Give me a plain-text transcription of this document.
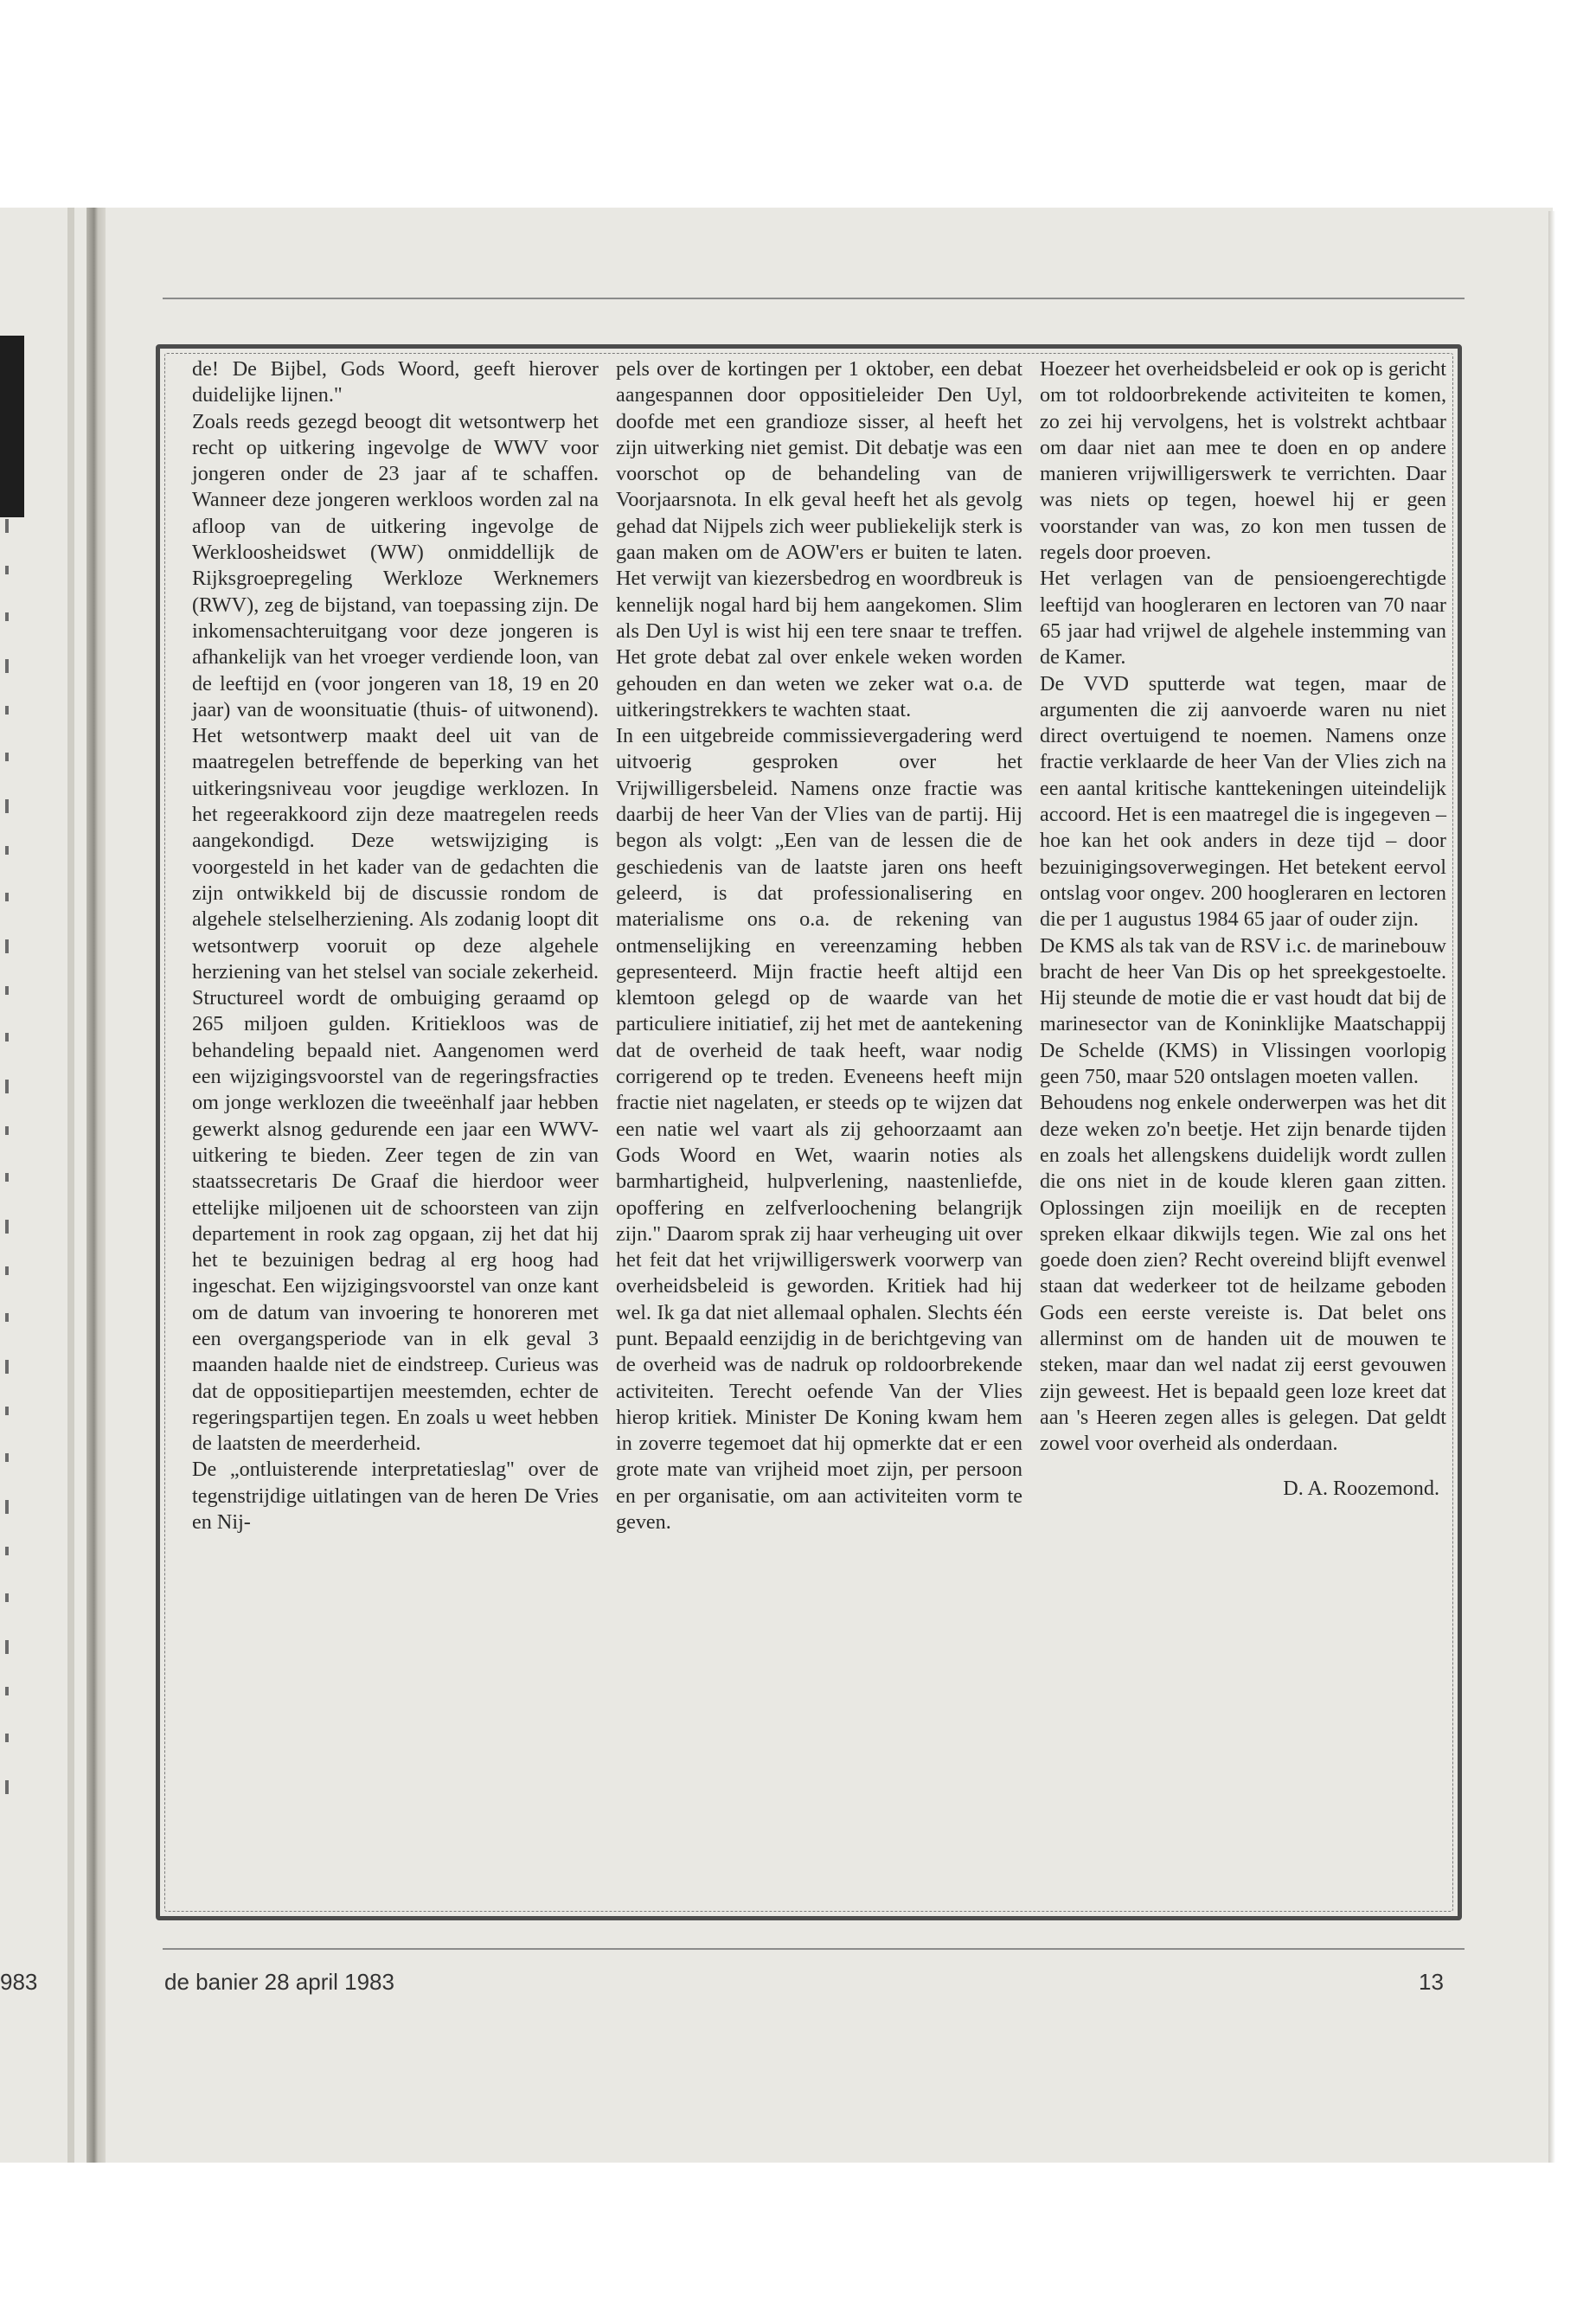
de! De Bijbel, Gods Woord, geeft hierover duidelijke lijnen."

Zoals reeds gezegd beoogt dit wetsontwerp het recht op uitkering ingevolge de WWV voor jongeren onder de 23 jaar af te schaffen. Wanneer deze jongeren werkloos worden zal na afloop van de uitkering ingevolge de Werkloosheidswet (WW) onmiddellijk de Rijksgroepregeling Werkloze Werknemers (RWV), zeg de bijstand, van toepassing zijn. De inkomensachteruitgang voor deze jongeren is afhankelijk van het vroeger verdiende loon, van de leeftijd en (voor jongeren van 18, 19 en 20 jaar) van de woonsituatie (thuis- of uitwonend). Het wetsontwerp maakt deel uit van de maatregelen betreffende de beperking van het uitkeringsniveau voor jeugdige werklozen. In het regeerakkoord zijn deze maatregelen reeds aangekondigd. Deze wetswijziging is voorgesteld in het kader van de gedachten die zijn ontwikkeld bij de discussie rondom de algehele stelselherziening. Als zodanig loopt dit wetsontwerp vooruit op deze algehele herziening van het stelsel van sociale zekerheid. Structureel wordt de ombuiging geraamd op 265 miljoen gulden. Kritiekloos was de behandeling bepaald niet. Aangenomen werd een wijzigingsvoorstel van de regeringsfracties om jonge werklozen die tweeënhalf jaar hebben gewerkt alsnog gedurende een jaar een WWV-uitkering te bieden. Zeer tegen de zin van staatssecretaris De Graaf die hierdoor weer ettelijke miljoenen uit de schoorsteen van zijn departement in rook zag opgaan, zij het dat hij het te bezuinigen bedrag al erg hoog had ingeschat. Een wijzigingsvoorstel van onze kant om de datum van invoering te honoreren met een overgangsperiode van in elk geval 3 maanden haalde niet de eindstreep. Curieus was dat de oppositiepartijen meestemden, echter de regeringspartijen tegen. En zoals u weet hebben de laatsten de meerderheid.

De „ontluisterende interpretatieslag" over de tegenstrijdige uitlatingen van de heren De Vries en Nij-

pels over de kortingen per 1 oktober, een debat aangespannen door oppositieleider Den Uyl, doofde met een grandioze sisser, al heeft het zijn uitwerking niet gemist. Dit debatje was een voorschot op de behandeling van de Voorjaarsnota. In elk geval heeft het als gevolg gehad dat Nijpels zich weer publiekelijk sterk is gaan maken om de AOW'ers er buiten te laten. Het verwijt van kiezersbedrog en woordbreuk is kennelijk nogal hard bij hem aangekomen. Slim als Den Uyl is wist hij een tere snaar te treffen. Het grote debat zal over enkele weken worden gehouden en dan weten we zeker wat o.a. de uitkeringstrekkers te wachten staat.

In een uitgebreide commissievergadering werd uitvoerig gesproken over het Vrijwilligersbeleid. Namens onze fractie was daarbij de heer Van der Vlies van de partij. Hij begon als volgt: „Een van de lessen die de geschiedenis van de laatste jaren ons heeft geleerd, is dat professionalisering en materialisme ons o.a. de rekening van ontmenselijking en vereenzaming hebben gepresenteerd. Mijn fractie heeft altijd een klemtoon gelegd op de waarde van het particuliere initiatief, zij het met de aantekening dat de overheid de taak heeft, waar nodig corrigerend op te treden. Eveneens heeft mijn fractie niet nagelaten, er steeds op te wijzen dat een natie wel vaart als zij gehoorzaamt aan Gods Woord en Wet, waarin noties als barmhartigheid, hulpverlening, naastenliefde, opoffering en zelfverloochening belangrijk zijn." Daarom sprak zij haar verheuging uit over het feit dat het vrijwilligerswerk voorwerp van overheidsbeleid is geworden. Kritiek had hij wel. Ik ga dat niet allemaal ophalen. Slechts één punt. Bepaald eenzijdig in de berichtgeving van de overheid was de nadruk op roldoorbrekende activiteiten. Terecht oefende Van der Vlies hierop kritiek. Minister De Koning kwam hem in zoverre tegemoet dat hij opmerkte dat er een grote mate van vrijheid moet zijn, per persoon en per organisatie, om aan activiteiten vorm te geven.

Hoezeer het overheidsbeleid er ook op is gericht om tot roldoorbrekende activiteiten te komen, zo zei hij vervolgens, het is volstrekt achtbaar om daar niet aan mee te doen en op andere manieren vrijwilligerswerk te verrichten. Daar was niets op tegen, hoewel hij er geen voorstander van was, zo kon men tussen de regels door proeven.

Het verlagen van de pensioengerechtigde leeftijd van hoogleraren en lectoren van 70 naar 65 jaar had vrijwel de algehele instemming van de Kamer.

De VVD sputterde wat tegen, maar de argumenten die zij aanvoerde waren nu niet direct overtuigend te noemen. Namens onze fractie verklaarde de heer Van der Vlies zich na een aantal kritische kanttekeningen uiteindelijk accoord. Het is een maatregel die is ingegeven – hoe kan het ook anders in deze tijd – door bezuinigingsoverwegingen. Het betekent eervol ontslag voor ongev. 200 hoogleraren en lectoren die per 1 augustus 1984 65 jaar of ouder zijn.

De KMS als tak van de RSV i.c. de marinebouw bracht de heer Van Dis op het spreekgestoelte. Hij steunde de motie die er vast houdt dat bij de marinesector van de Koninklijke Maatschappij De Schelde (KMS) in Vlissingen voorlopig geen 750, maar 520 ontslagen moeten vallen.

Behoudens nog enkele onderwerpen was het dit deze weken zo'n beetje. Het zijn benarde tijden en zoals het allengskens duidelijk wordt zullen die ons niet in de koude kleren gaan zitten. Oplossingen zijn moeilijk en de recepten spreken elkaar dikwijls tegen. Wie zal ons het goede doen zien? Recht overeind blijft evenwel staan dat wederkeer tot de heilzame geboden Gods een eerste vereiste is. Dat belet ons allerminst om de handen uit de mouwen te steken, maar dan wel nadat zij eerst gevouwen zijn geweest. Het is bepaald geen loze kreet dat aan 's Heeren zegen alles is gelegen. Dat geldt zowel voor overheid als onderdaan.

D. A. Roozemond.

983	de banier 28 april 1983	13
